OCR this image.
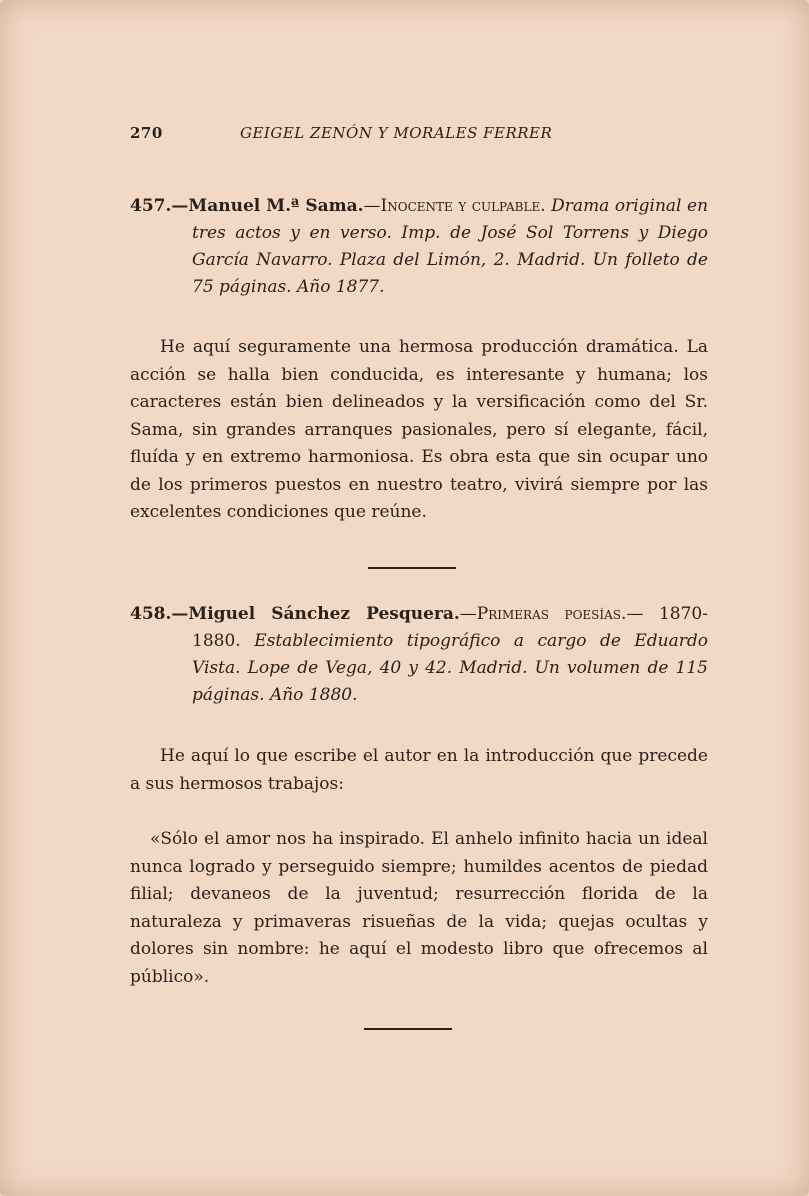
270	GEIGEL ZENÓN Y MORALES FERRER

457.—Manuel M.ª Sama.—Inocente y culpable. Drama original en tres actos y en verso. Imp. de José Sol Torrens y Diego García Navarro. Plaza del Limón, 2. Madrid. Un folleto de 75 páginas. Año 1877.

He aquí seguramente una hermosa producción dramática. La acción se halla bien conducida, es interesante y humana; los caracteres están bien delineados y la versificación como del Sr. Sama, sin grandes arranques pasionales, pero sí elegante, fácil, fluída y en extremo harmoniosa. Es obra esta que sin ocupar uno de los primeros puestos en nuestro teatro, vivirá siempre por las excelentes condiciones que reúne.

458.—Miguel Sánchez Pesquera.—Primeras poesías.— 1870-1880. Establecimiento tipográfico a cargo de Eduardo Vista. Lope de Vega, 40 y 42. Madrid. Un volumen de 115 páginas. Año 1880.

He aquí lo que escribe el autor en la introducción que precede a sus hermosos trabajos:

«Sólo el amor nos ha inspirado. El anhelo infinito hacia un ideal nunca logrado y perseguido siempre; humildes acentos de piedad filial; devaneos de la juventud; resurrección florida de la naturaleza y primaveras risueñas de la vida; quejas ocultas y dolores sin nombre: he aquí el modesto libro que ofrecemos al público».
